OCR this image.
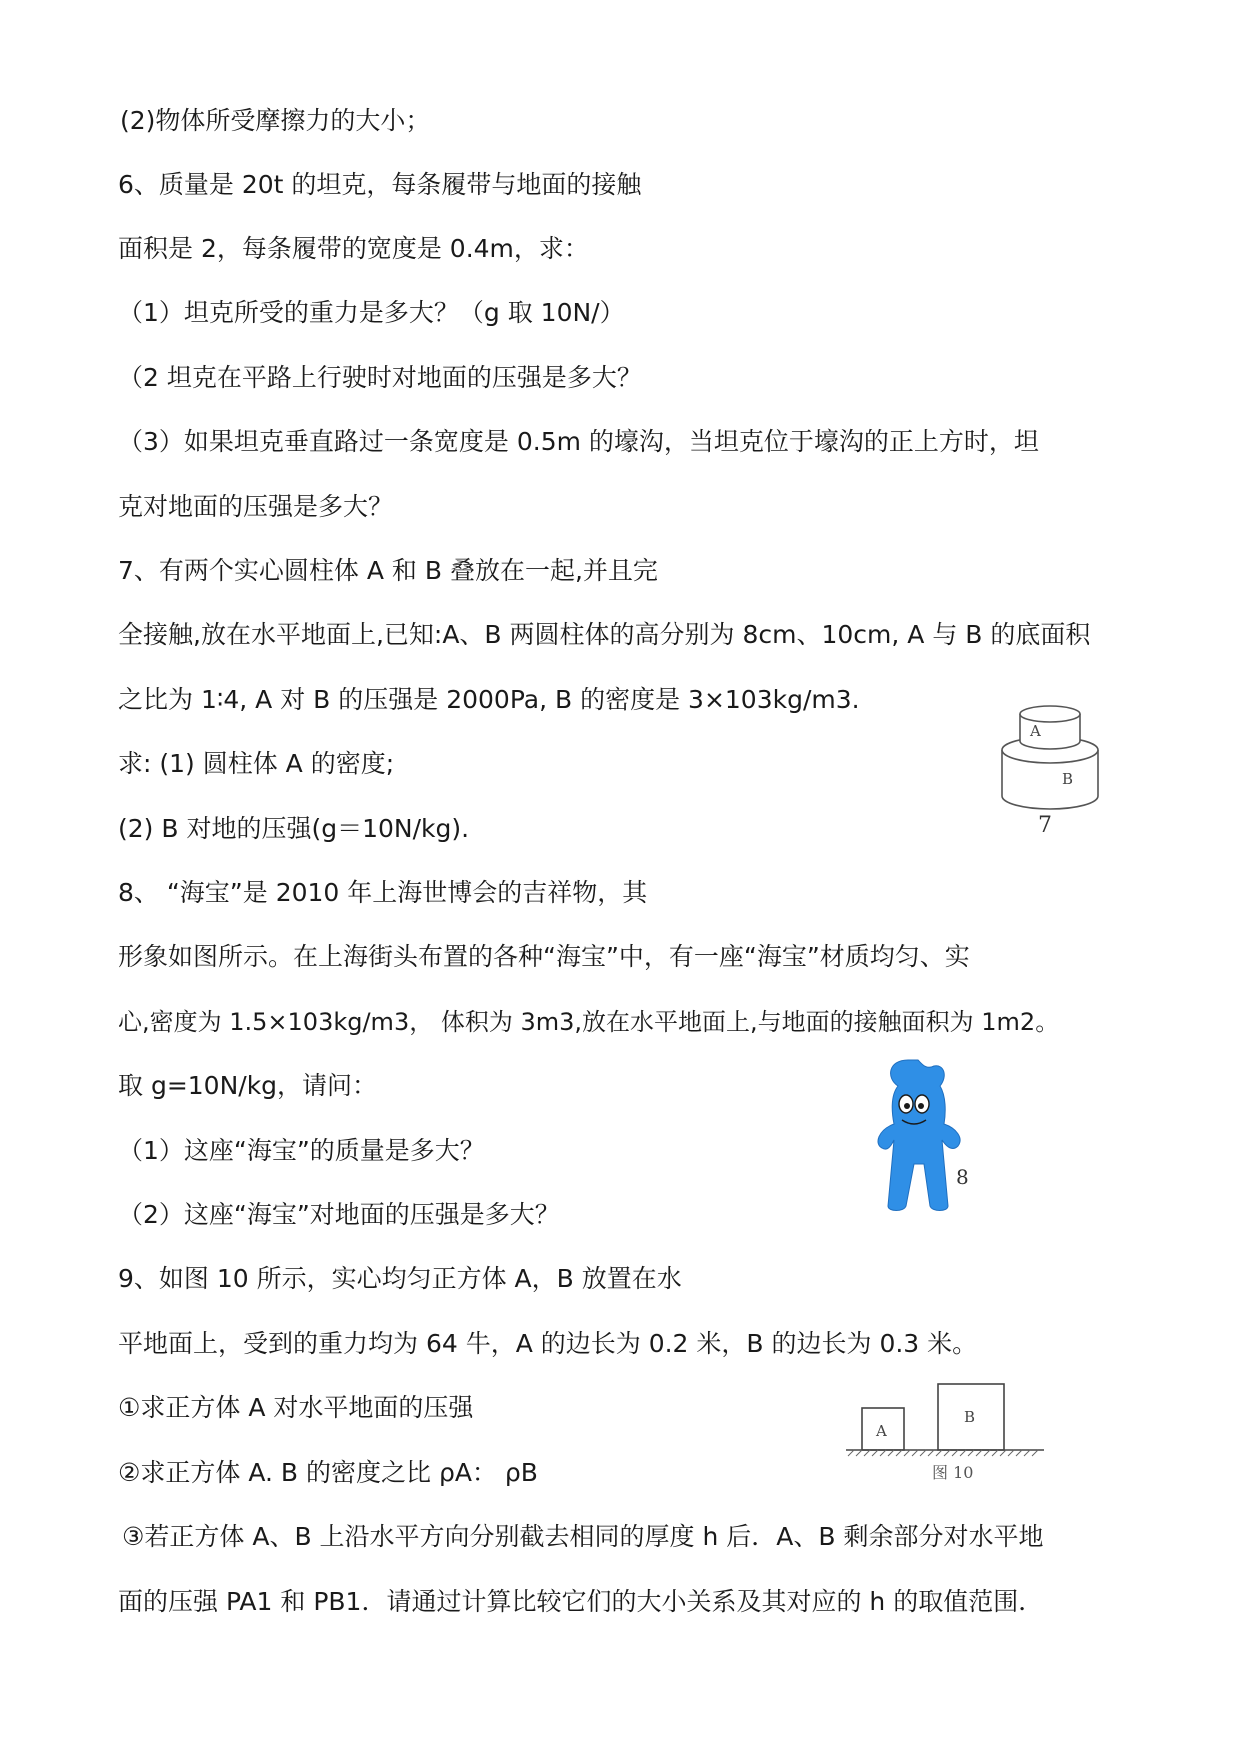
(2)物体所受摩擦力的大小；
6、质量是 20t 的坦克，每条履带与地面的接触
面积是 2，每条履带的宽度是 0.4m，求：
（1）坦克所受的重力是多大？（g 取 10N/）
（2 坦克在平路上行驶时对地面的压强是多大？
（3）如果坦克垂直路过一条宽度是 0.5m 的壕沟，当坦克位于壕沟的正上方时，坦
克对地面的压强是多大？
7、有两个实心圆柱体 A 和 B 叠放在一起,并且完
全接触,放在水平地面上,已知:A、B 两圆柱体的高分别为 8cm、10cm, A 与 B 的底面积
之比为 1∶4, A 对 B 的压强是 2000Pa, B 的密度是 3×103kg/m3.
求: (1) 圆柱体 A 的密度;
(2) B 对地的压强(g＝10N/kg).
8、 “海宝”是 2010 年上海世博会的吉祥物，其
形象如图所示。在上海街头布置的各种“海宝”中，有一座“海宝”材质均匀、实
心,密度为 1.5×103kg/m3， 体积为 3m3,放在水平地面上,与地面的接触面积为 1m2。
取 g=10N/kg，请问：
（1）这座“海宝”的质量是多大？
（2）这座“海宝”对地面的压强是多大？
9、如图 10 所示，实心均匀正方体 A，B 放置在水
平地面上，受到的重力均为 64 牛，A 的边长为 0.2 米，B 的边长为 0.3 米。
①求正方体 A 对水平地面的压强
②求正方体 A. B 的密度之比 ρA： ρB
③若正方体 A、B 上沿水平方向分别截去相同的厚度 h 后．A、B 剩余部分对水平地
面的压强 PA1 和 PB1．请通过计算比较它们的大小关系及其对应的 h 的取值范围．
A
B
7
8
A
B
图 10
